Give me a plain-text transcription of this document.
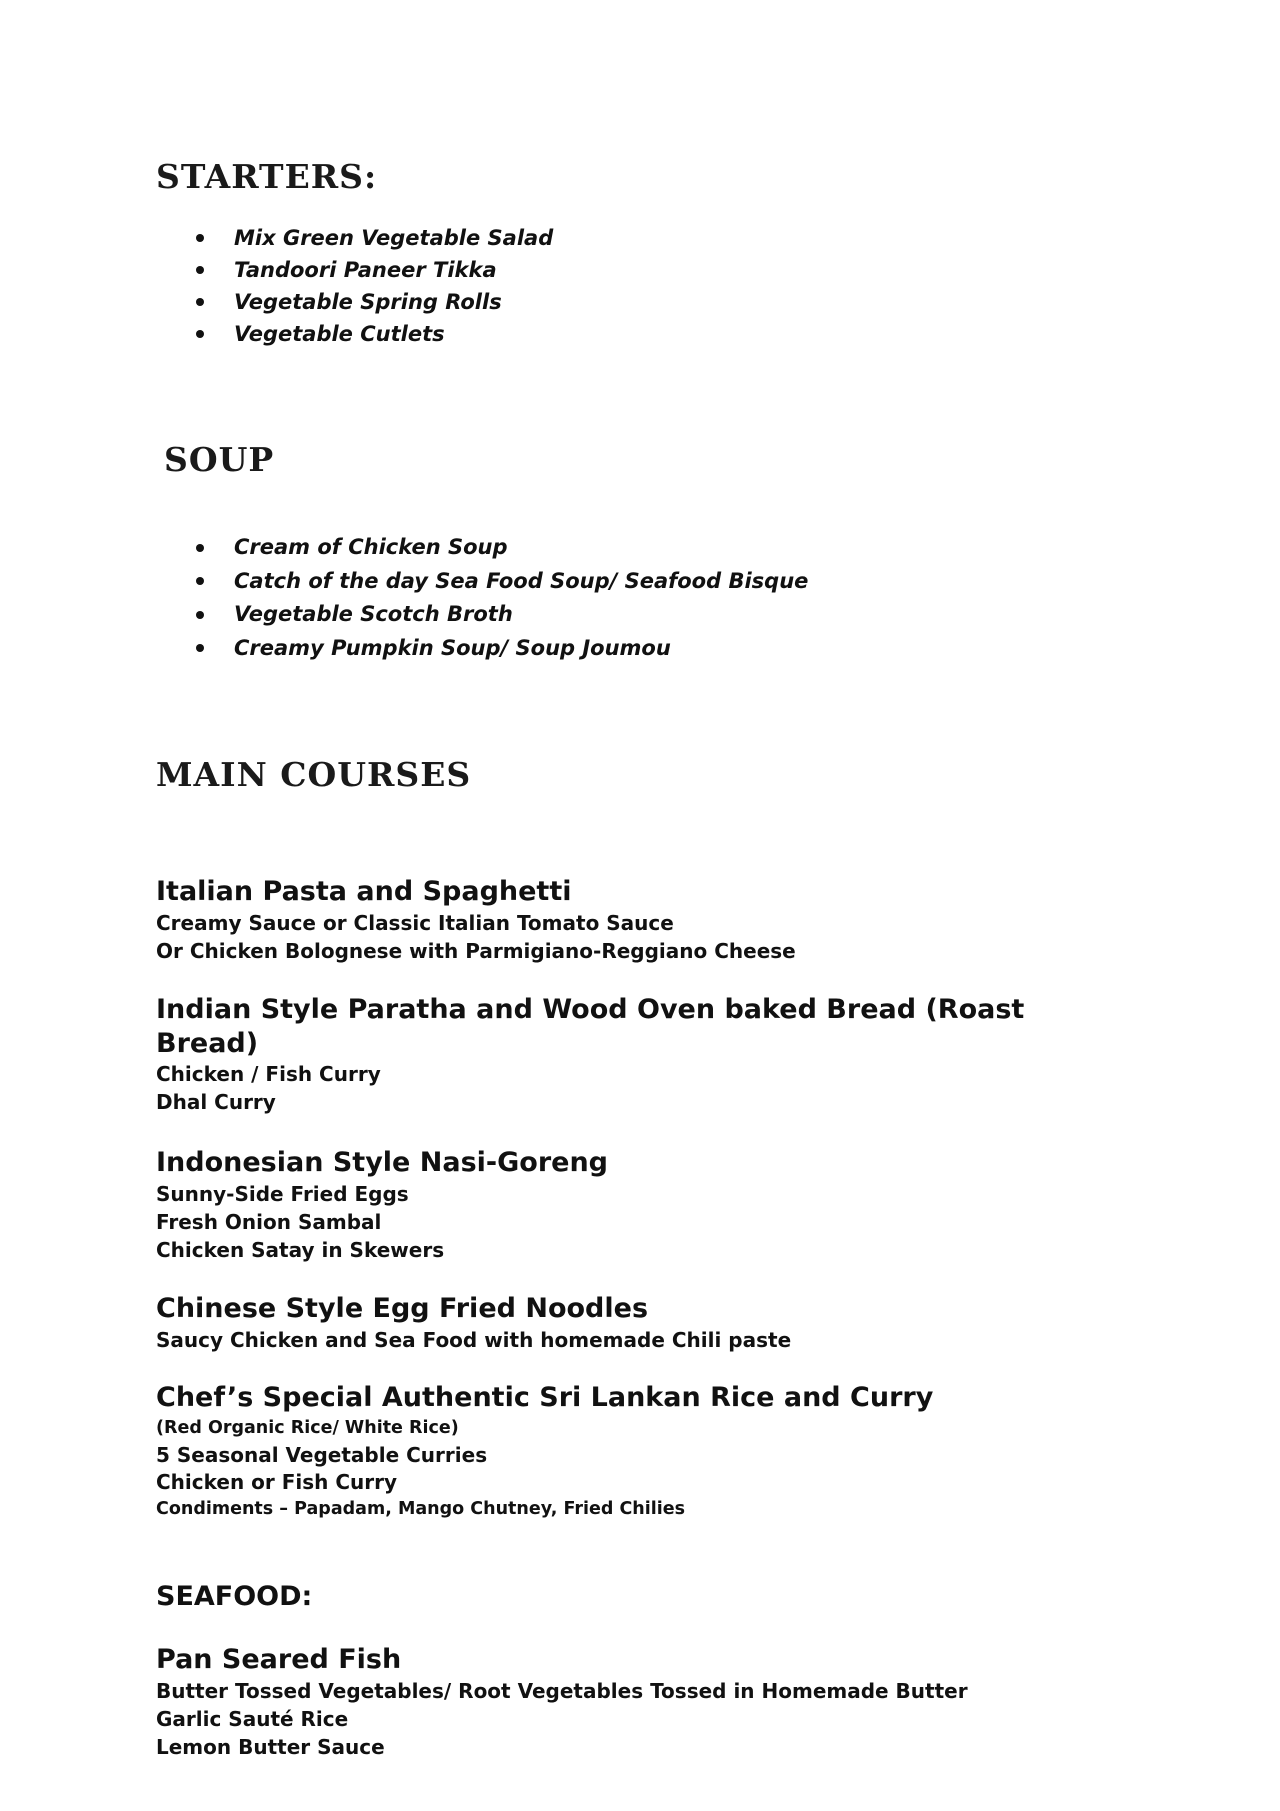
STARTERS:
Mix Green Vegetable Salad
Tandoori Paneer Tikka
Vegetable Spring Rolls
Vegetable Cutlets
SOUP
Cream of Chicken Soup
Catch of the day Sea Food Soup/ Seafood Bisque
Vegetable Scotch Broth
Creamy Pumpkin Soup/ Soup Joumou
MAIN COURSES
Italian Pasta and Spaghetti
Creamy Sauce or Classic Italian Tomato Sauce
Or Chicken Bolognese with Parmigiano-Reggiano Cheese
Indian Style Paratha and Wood Oven baked Bread (Roast Bread)
Chicken / Fish Curry
Dhal Curry
Indonesian Style Nasi-Goreng
Sunny-Side Fried Eggs
Fresh Onion Sambal
Chicken Satay in Skewers
Chinese Style Egg Fried Noodles
Saucy Chicken and Sea Food with homemade Chili paste
Chef’s Special Authentic Sri Lankan Rice and Curry
(Red Organic Rice/ White Rice)
5 Seasonal Vegetable Curries
Chicken or Fish Curry
Condiments – Papadam, Mango Chutney, Fried Chilies
SEAFOOD:
Pan Seared Fish
Butter Tossed Vegetables/ Root Vegetables Tossed in Homemade Butter
Garlic Sauté Rice
Lemon Butter Sauce
